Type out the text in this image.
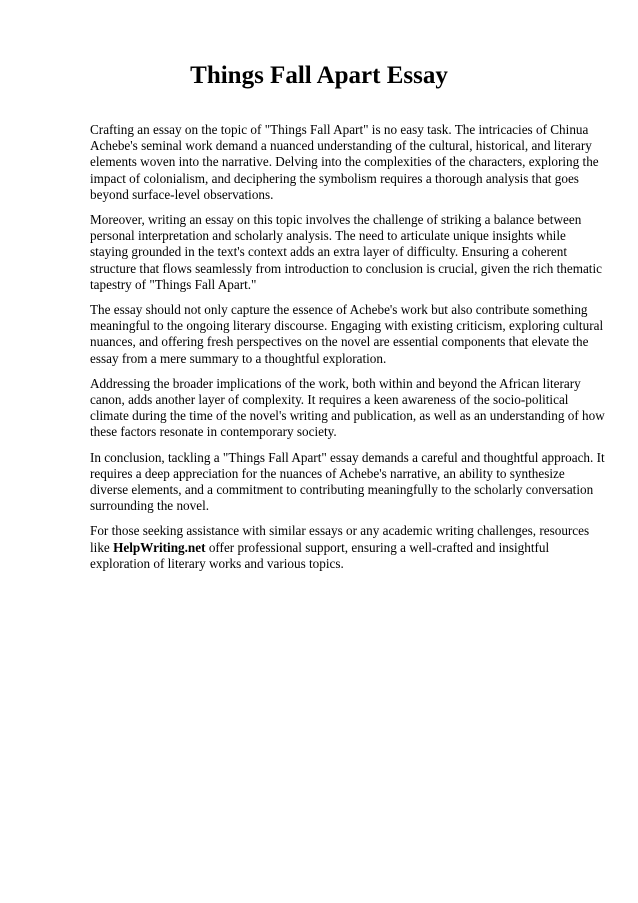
Things Fall Apart Essay

Crafting an essay on the topic of "Things Fall Apart" is no easy task. The intricacies of Chinua Achebe's seminal work demand a nuanced understanding of the cultural, historical, and literary elements woven into the narrative. Delving into the complexities of the characters, exploring the impact of colonialism, and deciphering the symbolism requires a thorough analysis that goes beyond surface-level observations.

Moreover, writing an essay on this topic involves the challenge of striking a balance between personal interpretation and scholarly analysis. The need to articulate unique insights while staying grounded in the text's context adds an extra layer of difficulty. Ensuring a coherent structure that flows seamlessly from introduction to conclusion is crucial, given the rich thematic tapestry of "Things Fall Apart."

The essay should not only capture the essence of Achebe's work but also contribute something meaningful to the ongoing literary discourse. Engaging with existing criticism, exploring cultural nuances, and offering fresh perspectives on the novel are essential components that elevate the essay from a mere summary to a thoughtful exploration.

Addressing the broader implications of the work, both within and beyond the African literary canon, adds another layer of complexity. It requires a keen awareness of the socio-political climate during the time of the novel's writing and publication, as well as an understanding of how these factors resonate in contemporary society.

In conclusion, tackling a "Things Fall Apart" essay demands a careful and thoughtful approach. It requires a deep appreciation for the nuances of Achebe's narrative, an ability to synthesize diverse elements, and a commitment to contributing meaningfully to the scholarly conversation surrounding the novel.

For those seeking assistance with similar essays or any academic writing challenges, resources like HelpWriting.net offer professional support, ensuring a well-crafted and insightful exploration of literary works and various topics.
